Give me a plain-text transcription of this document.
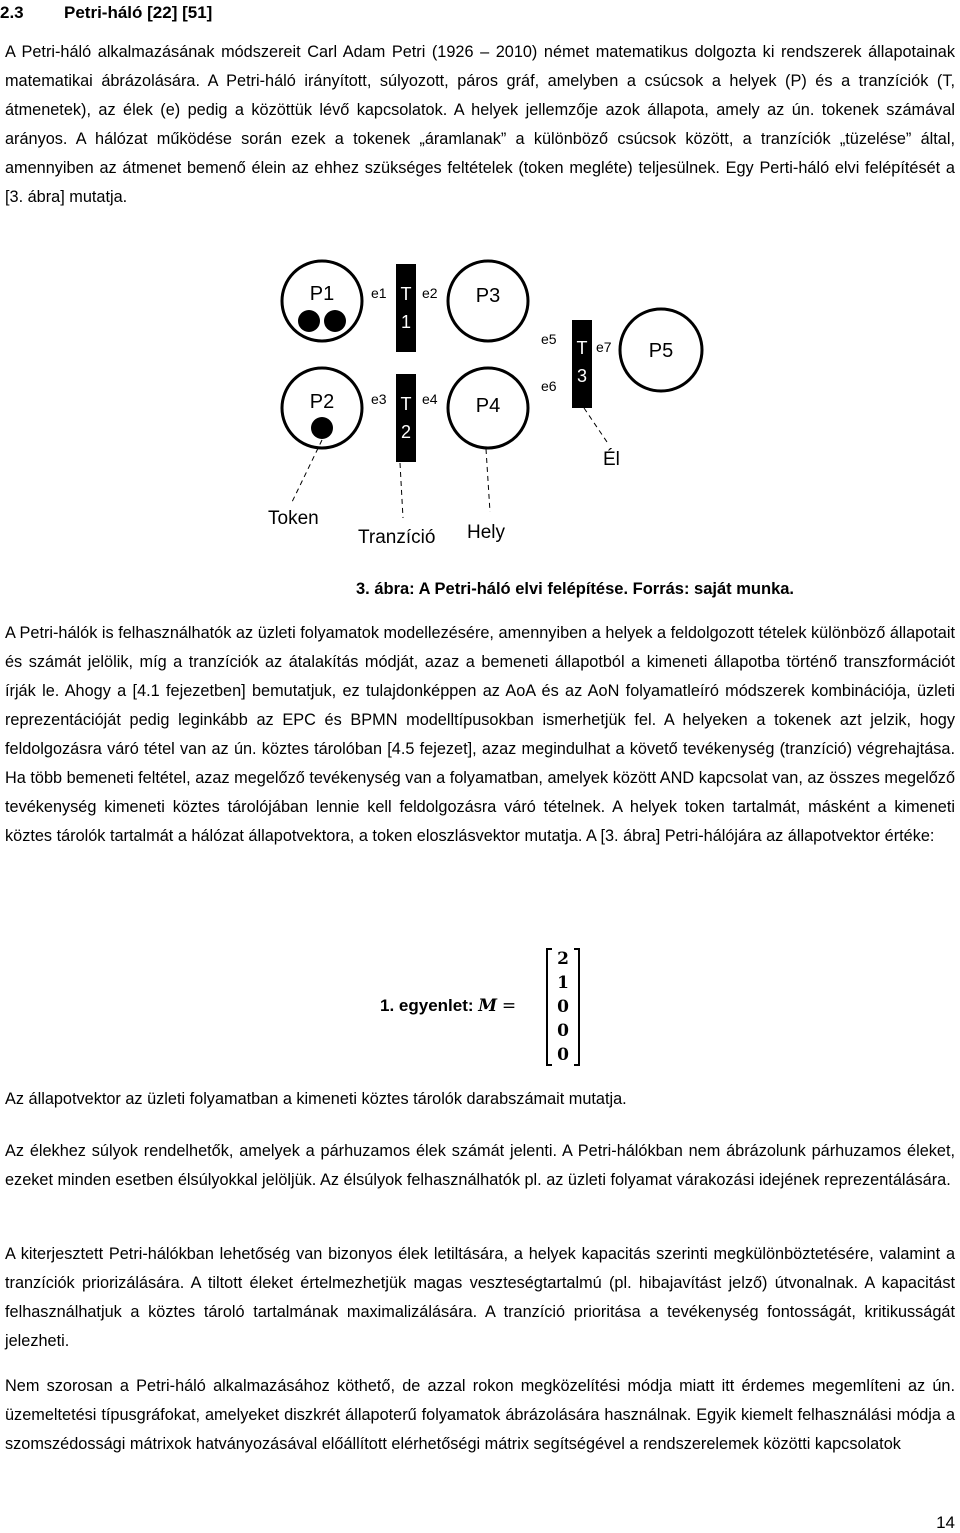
2.3 Petri-háló [22] [51]

A Petri-háló alkalmazásának módszereit Carl Adam Petri (1926 – 2010) német matematikus dolgozta ki rendszerek állapotainak matematikai ábrázolására. A Petri-háló irányított, súlyozott, páros gráf, amelyben a csúcsok a helyek (P) és a tranzíciók (T, átmenetek), az élek (e) pedig a közöttük lévő kapcsolatok. A helyek jellemzője azok állapota, amely az ún. tokenek számával arányos. A hálózat működése során ezek a tokenek „áramlanak” a különböző csúcsok között, a tranzíciók „tüzelése” által, amennyiben az átmenet bemenő élein az ehhez szükséges feltételek (token megléte) teljesülnek. Egy Perti-háló elvi felépítését a [3. ábra] mutatja.

P1
P2
P3
P4
P5
T
1
T
2
T
3
e1	e2
e3	e4
e5
e6
e7
Token
Tranzíció Hely
Él

3. ábra: A Petri-háló elvi felépítése. Forrás: saját munka.

A Petri-hálók is felhasználhatók az üzleti folyamatok modellezésére, amennyiben a helyek a feldolgozott tételek különböző állapotait és számát jelölik, míg a tranzíciók az átalakítás módját, azaz a bemeneti állapotból a kimeneti állapotba történő transzformációt írják le. Ahogy a [4.1 fejezetben] bemutatjuk, ez tulajdonképpen az AoA és az AoN folyamatleíró módszerek kombinációja, üzleti reprezentációját pedig leginkább az EPC és BPMN modelltípusokban ismerhetjük fel. A helyeken a tokenek azt jelzik, hogy feldolgozásra váró tétel van az ún. köztes tárolóban [4.5 fejezet], azaz megindulhat a követő tevékenység (tranzíció) végrehajtása. Ha több bemeneti feltétel, azaz megelőző tevékenység van a folyamatban, amelyek között AND kapcsolat van, az összes megelőző tevékenység kimeneti köztes tárolójában lennie kell feldolgozásra váró tételnek. A helyek token tartalmát, másként a kimeneti köztes tárolók tartalmát a hálózat állapotvektora, a token eloszlásvektor mutatja. A [3. ábra] Petri-hálójára az állapotvektor értéke:

1. egyenlet: M =
2
1
0
0
0

Az állapotvektor az üzleti folyamatban a kimeneti köztes tárolók darabszámait mutatja.

Az élekhez súlyok rendelhetők, amelyek a párhuzamos élek számát jelenti. A Petri-hálókban nem ábrázolunk párhuzamos éleket, ezeket minden esetben élsúlyokkal jelöljük. Az élsúlyok felhasználhatók pl. az üzleti folyamat várakozási idejének reprezentálására.

A kiterjesztett Petri-hálókban lehetőség van bizonyos élek letiltására, a helyek kapacitás szerinti megkülönböztetésére, valamint a tranzíciók priorizálására. A tiltott éleket értelmezhetjük magas veszteségtartalmú (pl. hibajavítást jelző) útvonalnak. A kapacitást felhasználhatjuk a köztes tároló tartalmának maximalizálására. A tranzíció prioritása a tevékenység fontosságát, kritikusságát jelezheti.

Nem szorosan a Petri-háló alkalmazásához köthető, de azzal rokon megközelítési módja miatt itt érdemes megemlíteni az ún. üzemeltetési típusgráfokat, amelyeket diszkrét állapoterű folyamatok ábrázolására használnak. Egyik kiemelt felhasználási módja a szomszédossági mátrixok hatványozásával előállított elérhetőségi mátrix segítségével a rendszerelemek közötti kapcsolatok

14
